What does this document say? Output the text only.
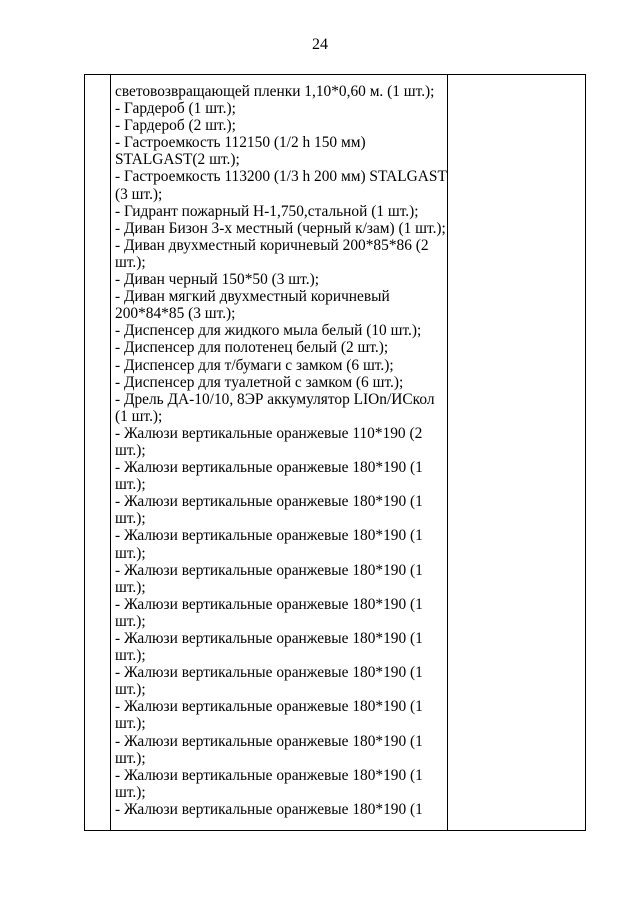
24

световозвращающей пленки 1,10*0,60 м. (1 шт.);
- Гардероб (1 шт.);
- Гардероб (2 шт.);
- Гастроемкость 112150 (1/2 h 150 мм)
STALGAST(2 шт.);
- Гастроемкость 113200 (1/3 h 200 мм) STALGAST
(3 шт.);
- Гидрант пожарный Н-1,750,стальной (1 шт.);
- Диван Бизон 3-х местный (черный к/зам) (1 шт.);
- Диван двухместный коричневый 200*85*86 (2
шт.);
- Диван черный 150*50 (3 шт.);
- Диван мягкий двухместный коричневый
200*84*85 (3 шт.);
- Диспенсер для жидкого мыла белый (10 шт.);
- Диспенсер для полотенец белый (2 шт.);
- Диспенсер для т/бумаги с замком (6 шт.);
- Диспенсер для туалетной с замком (6 шт.);
- Дрель ДА-10/10, 8ЭР аккумулятор LIOn/ИСкол
(1 шт.);
- Жалюзи вертикальные оранжевые 110*190 (2
шт.);
- Жалюзи вертикальные оранжевые 180*190 (1
шт.);
- Жалюзи вертикальные оранжевые 180*190 (1
шт.);
- Жалюзи вертикальные оранжевые 180*190 (1
шт.);
- Жалюзи вертикальные оранжевые 180*190 (1
шт.);
- Жалюзи вертикальные оранжевые 180*190 (1
шт.);
- Жалюзи вертикальные оранжевые 180*190 (1
шт.);
- Жалюзи вертикальные оранжевые 180*190 (1
шт.);
- Жалюзи вертикальные оранжевые 180*190 (1
шт.);
- Жалюзи вертикальные оранжевые 180*190 (1
шт.);
- Жалюзи вертикальные оранжевые 180*190 (1
шт.);
- Жалюзи вертикальные оранжевые 180*190 (1
